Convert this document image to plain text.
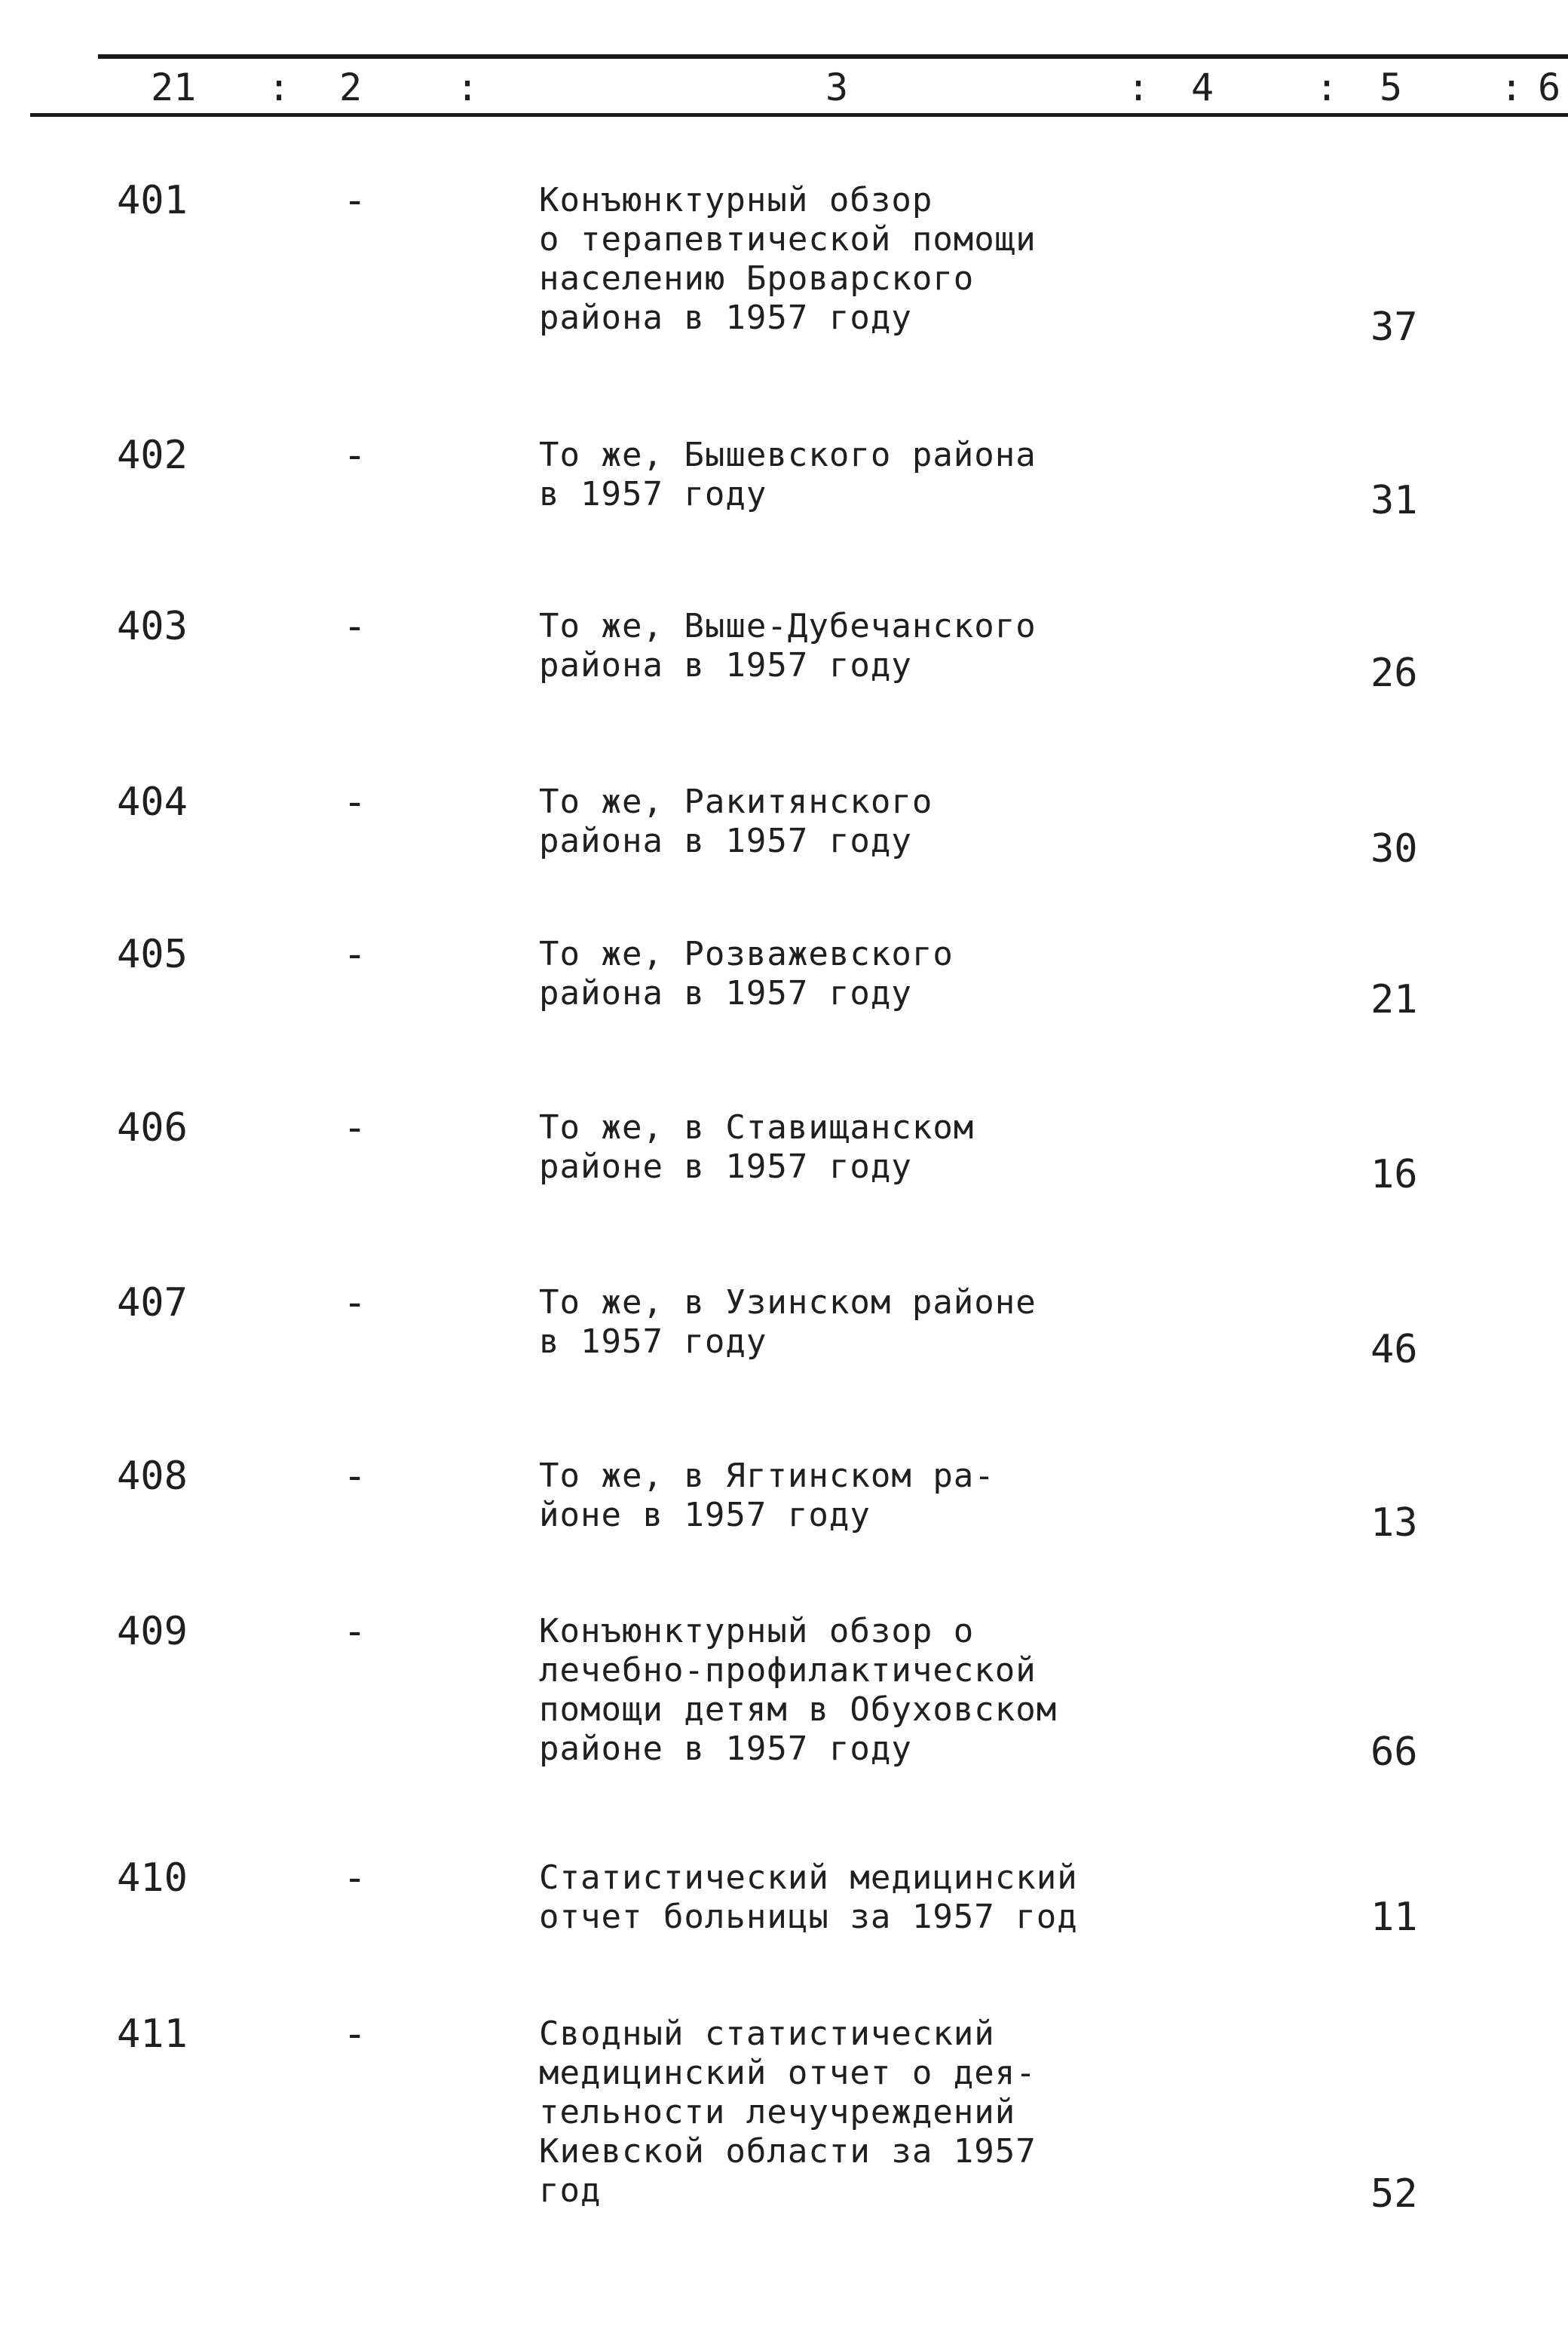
21 : 2 :	3	: 4	: 5	: 6
401	-	Конъюнктурный обзор
о терапевтической помощи
населению Броварского
района в 1957 году	37
402	-	То же, Бышевского района
в 1957 году	31
403	-	То же, Выше-Дубечанского
района в 1957 году	26
404	-	То же, Ракитянского
района в 1957 году	30
405	-	То же, Розважевского
района в 1957 году	21
406	-	То же, в Ставищанском
районе в 1957 году	16
407	-	То же, в Узинском районе
в 1957 году	46
408	-	То же, в Ягтинском ра-
йоне в 1957 году	13
409	-	Конъюнктурный обзор о
лечебно-профилактической
помощи детям в Обуховском
районе в 1957 году	66
410	-	Статистический медицинский
отчет больницы за 1957 год	11
411	-	Сводный статистический
медицинский отчет о дея-
тельности лечучреждений
Киевской области за 1957
год	52
